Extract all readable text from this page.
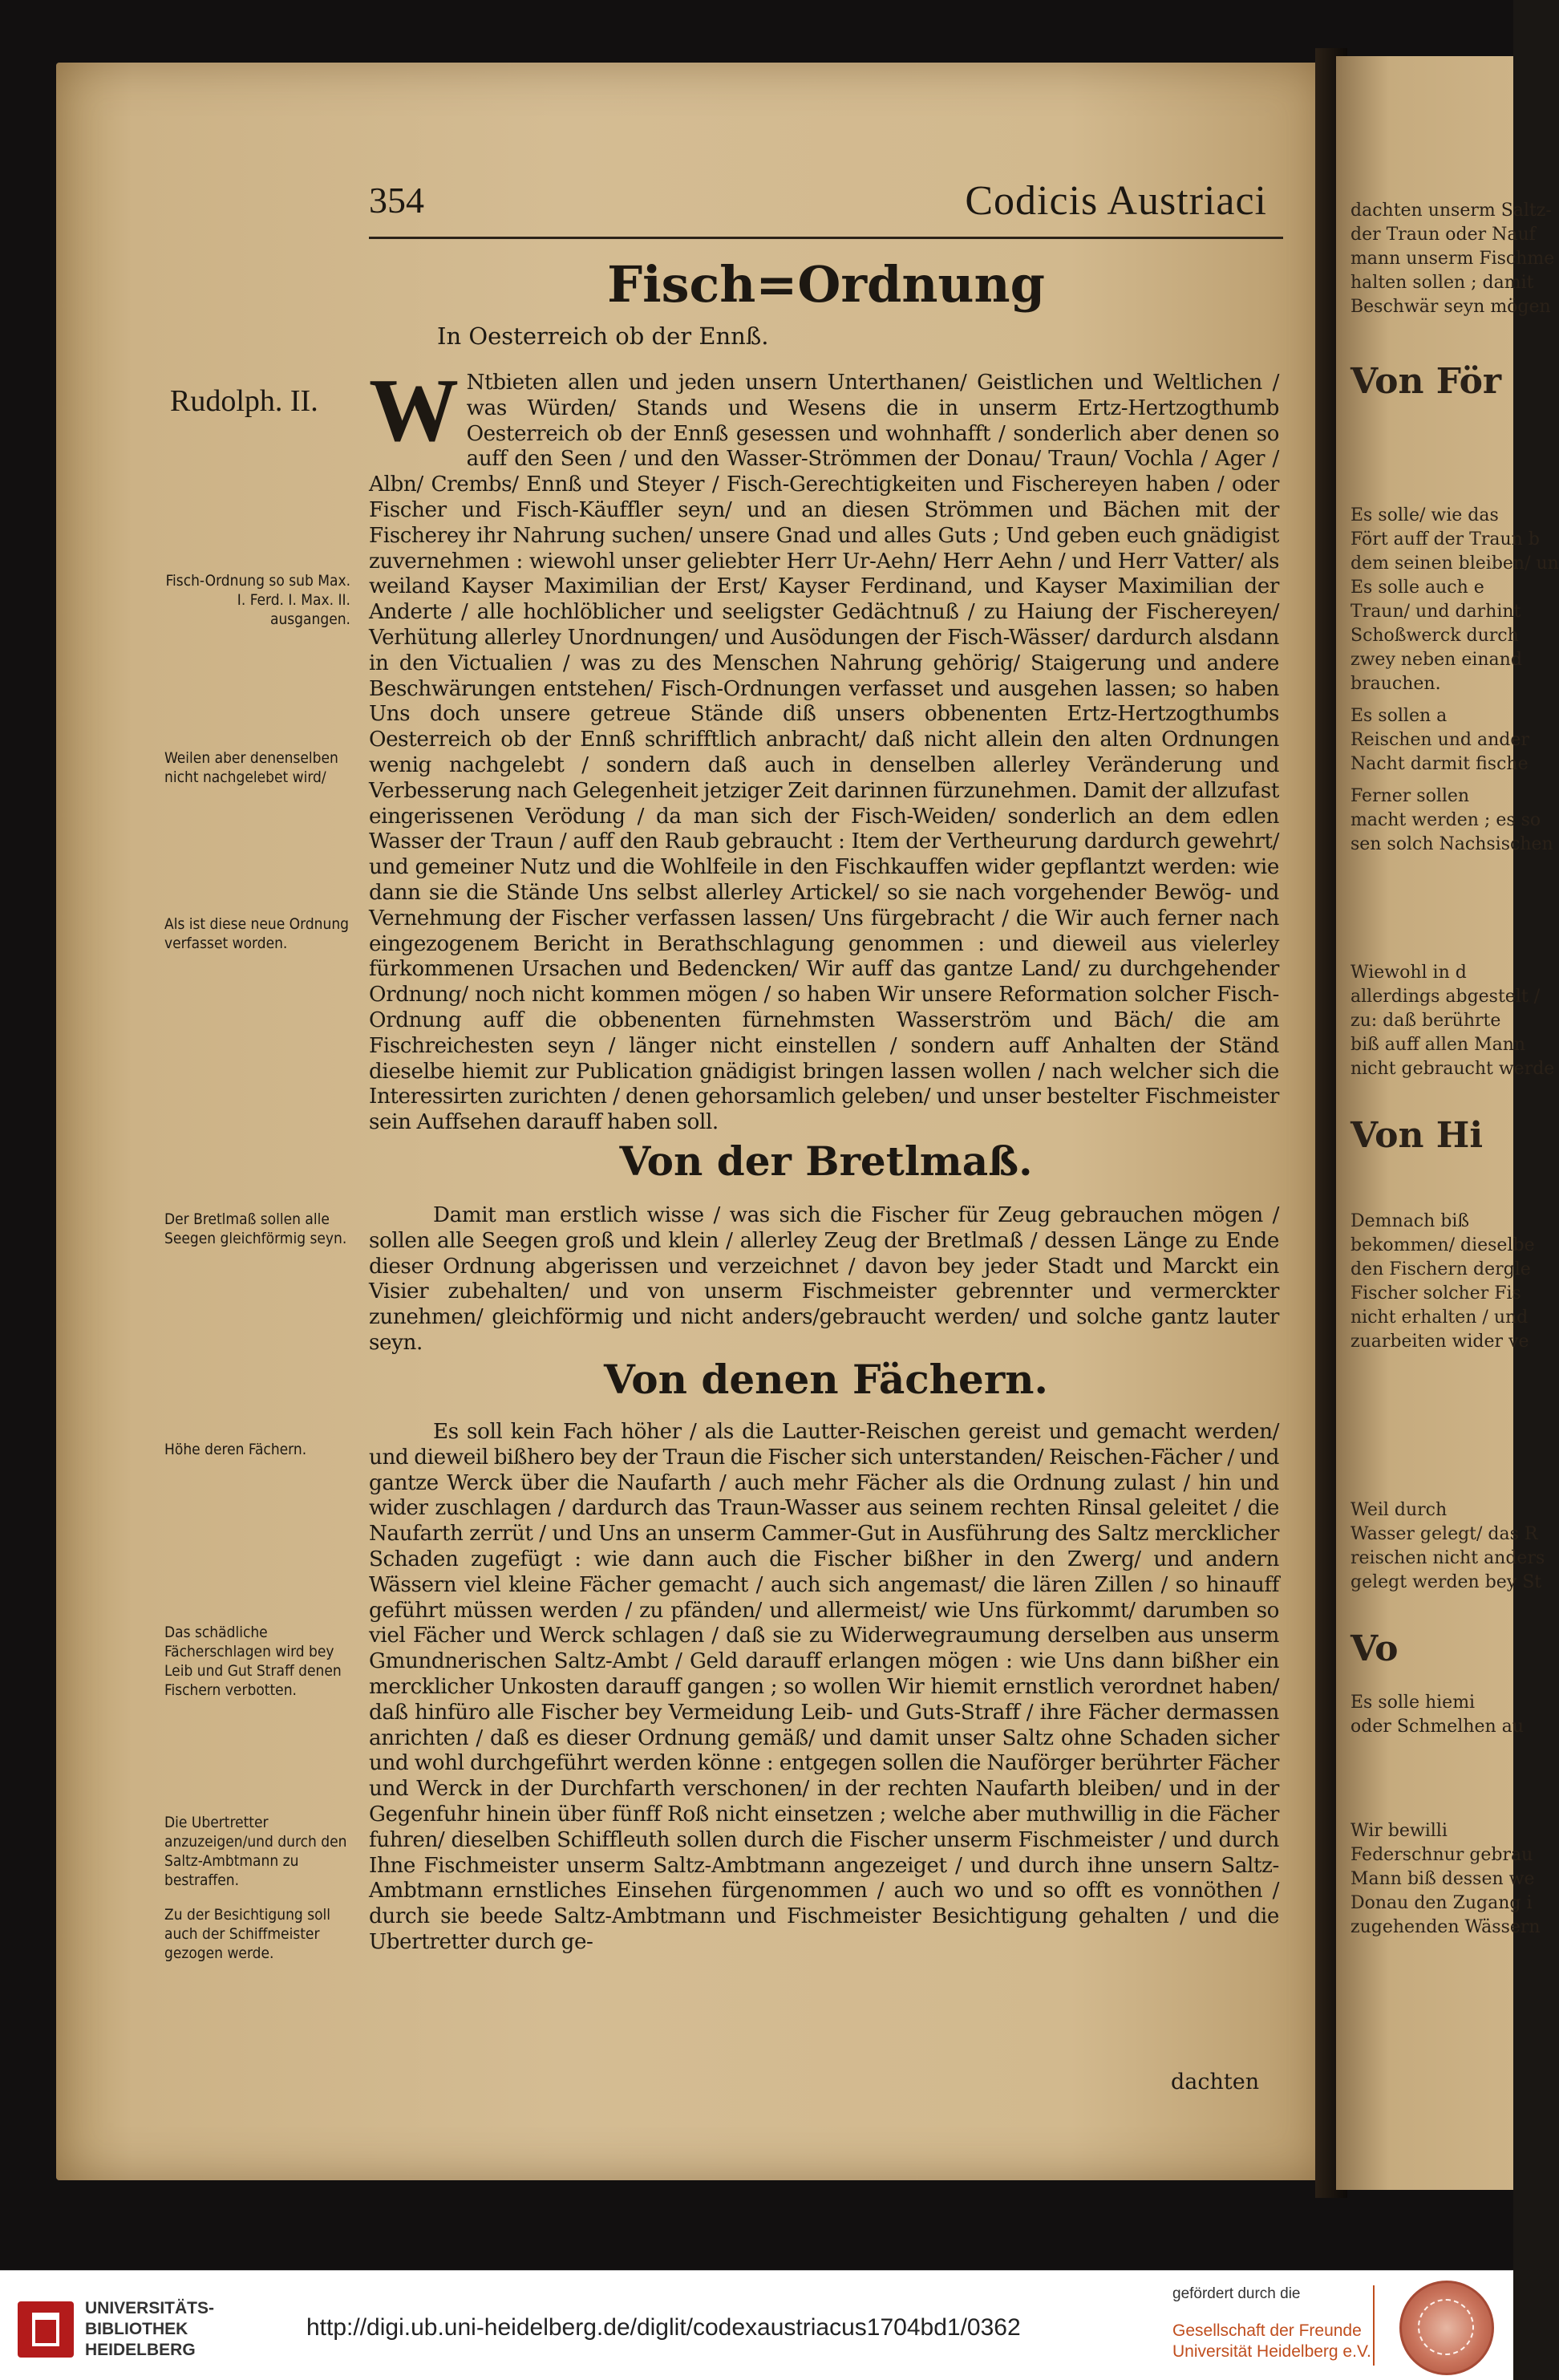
dachten unserm Saltz-
der Traun oder Nauf
mann unserm Fischme
halten sollen ; damit
Beschwär seyn mögen
Von För
Es solle/ wie das
Fört auff der Traun b
dem seinen bleiben/ un
Es solle auch e
Traun/ und darhint
Schoßwerck durch
zwey neben einand
brauchen.
Es sollen a
Reischen und ander
Nacht darmit fische
Ferner sollen
macht werden ; es so
sen solch Nachsischen
Wiewohl in d
allerdings abgestelt /
zu: daß berührte
biß auff allen Mann
nicht gebraucht werde
Von Hi
Demnach biß
bekommen/ dieselbe
den Fischern dergle
Fischer solcher Fis
nicht erhalten / und
zuarbeiten wider ve
Weil durch
Wasser gelegt/ das R
reischen nicht anders
gelegt werden bey St
Vo
Es solle hiemi
oder Schmelhen au
Wir bewilli
Federschnur gebrau
Mann biß dessen we
Donau den Zugang i
zugehenden Wässern
354	Codicis Austriaci
Fisch=Ordnung
In Oesterreich ob der Ennß.
Rudolph. II.
Fisch-Ordnung so sub Max. I. Ferd. I. Max. II. ausgangen.
Weilen aber denenselben nicht nachgelebet wird/
Als ist diese neue Ordnung verfasset worden.
Der Bretlmaß sollen alle Seegen gleichförmig seyn.
Höhe deren Fächern.
Das schädliche Fächerschlagen wird bey Leib und Gut Straff denen Fischern verbotten.
Die Ubertretter anzuzeigen/und durch den Saltz-Ambtmann zu bestraffen.
Zu der Besichtigung soll auch der Schiffmeister gezogen werde.
W Ntbieten allen und jeden unsern Unterthanen/ Geistlichen und Weltlichen / was Würden/ Stands und Wesens die in unserm Ertz-Hertzogthumb Oesterreich ob der Ennß gesessen und wohnhafft / sonderlich aber denen so auff den Seen / und den Wasser-Strömmen der Donau/ Traun/ Vochla / Ager / Albn/ Crembs/ Ennß und Steyer / Fisch-Gerechtigkeiten und Fischereyen haben / oder Fischer und Fisch-Käuffler seyn/ und an diesen Strömmen und Bächen mit der Fischerey ihr Nahrung suchen/ unsere Gnad und alles Guts ; Und geben euch gnädigist zuvernehmen : wiewohl unser geliebter Herr Ur-Aehn/ Herr Aehn / und Herr Vatter/ als weiland Kayser Maximilian der Erst/ Kayser Ferdinand, und Kayser Maximilian der Anderte / alle hochlöblicher und seeligster Gedächtnuß / zu Haiung der Fischereyen/ Verhütung allerley Unordnungen/ und Ausödungen der Fisch-Wässer/ dardurch alsdann in den Victualien / was zu des Menschen Nahrung gehörig/ Staigerung und andere Beschwärungen entstehen/ Fisch-Ordnungen verfasset und ausgehen lassen; so haben Uns doch unsere getreue Stände diß unsers obbenenten Ertz-Hertzogthumbs Oesterreich ob der Ennß schrifftlich anbracht/ daß nicht allein den alten Ordnungen wenig nachgelebt / sondern daß auch in denselben allerley Veränderung und Verbesserung nach Gelegenheit jetziger Zeit darinnen fürzunehmen. Damit der allzufast eingerissenen Verödung / da man sich der Fisch-Weiden/ sonderlich an dem edlen Wasser der Traun / auff den Raub gebraucht : Item der Vertheurung dardurch gewehrt/ und gemeiner Nutz und die Wohlfeile in den Fischkauffen wider gepflantzt werden: wie dann sie die Stände Uns selbst allerley Artickel/ so sie nach vorgehender Bewög- und Vernehmung der Fischer verfassen lassen/ Uns fürgebracht / die Wir auch ferner nach eingezogenem Bericht in Berathschlagung genommen : und dieweil aus vielerley fürkommenen Ursachen und Bedencken/ Wir auff das gantze Land/ zu durchgehender Ordnung/ noch nicht kommen mögen / so haben Wir unsere Reformation solcher Fisch-Ordnung auff die obbenenten fürnehmsten Wasserström und Bäch/ die am Fischreichesten seyn / länger nicht einstellen / sondern auff Anhalten der Ständ dieselbe hiemit zur Publication gnädigist bringen lassen wollen / nach welcher sich die Interessirten zurichten / denen gehorsamlich geleben/ und unser bestelter Fischmeister sein Auffsehen darauff haben soll.
Von der Bretlmaß.
Damit man erstlich wisse / was sich die Fischer für Zeug gebrauchen mögen / sollen alle Seegen groß und klein / allerley Zeug der Bretlmaß / dessen Länge zu Ende dieser Ordnung abgerissen und verzeichnet / davon bey jeder Stadt und Marckt ein Visier zubehalten/ und von unserm Fischmeister gebrennter und vermerckter zunehmen/ gleichförmig und nicht anders/gebraucht werden/ und solche gantz lauter seyn.
Von denen Fächern.
Es soll kein Fach höher / als die Lautter-Reischen gereist und gemacht werden/ und dieweil bißhero bey der Traun die Fischer sich unterstanden/ Reischen-Fächer / und gantze Werck über die Naufarth / auch mehr Fächer als die Ordnung zulast / hin und wider zuschlagen / dardurch das Traun-Wasser aus seinem rechten Rinsal geleitet / die Naufarth zerrüt / und Uns an unserm Cammer-Gut in Ausführung des Saltz mercklicher Schaden zugefügt : wie dann auch die Fischer bißher in den Zwerg/ und andern Wässern viel kleine Fächer gemacht / auch sich angemast/ die lären Zillen / so hinauff geführt müssen werden / zu pfänden/ und allermeist/ wie Uns fürkommt/ darumben so viel Fächer und Werck schlagen / daß sie zu Widerwegraumung derselben aus unserm Gmundnerischen Saltz-Ambt / Geld darauff erlangen mögen : wie Uns dann bißher ein mercklicher Unkosten darauff gangen ; so wollen Wir hiemit ernstlich verordnet haben/ daß hinfüro alle Fischer bey Vermeidung Leib- und Guts-Straff / ihre Fächer dermassen anrichten / daß es dieser Ordnung gemäß/ und damit unser Saltz ohne Schaden sicher und wohl durchgeführt werden könne : entgegen sollen die Nauförger berührter Fächer und Werck in der Durchfarth verschonen/ in der rechten Naufarth bleiben/ und in der Gegenfuhr hinein über fünff Roß nicht einsetzen ; welche aber muthwillig in die Fächer fuhren/ dieselben Schiffleuth sollen durch die Fischer unserm Fischmeister / und durch Ihne Fischmeister unserm Saltz-Ambtmann angezeiget / und durch ihne unsern Saltz-Ambtmann ernstliches Einsehen fürgenommen / auch wo und so offt es vonnöthen / durch sie beede Saltz-Ambtmann und Fischmeister Besichtigung gehalten / und die Ubertretter durch ge-
dachten
UNIVERSITÄTS-
BIBLIOTHEK
HEIDELBERG
http://digi.ub.uni-heidelberg.de/diglit/codexaustriacus1704bd1/0362
gefördert durch die
Gesellschaft der Freunde
Universität Heidelberg e.V.
